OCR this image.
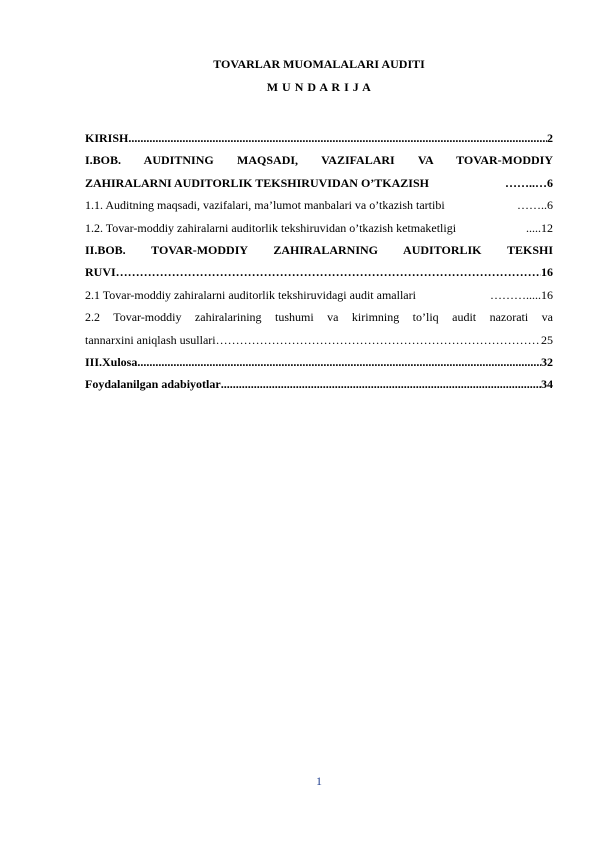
TOVARLAR MUOMALALARI AUDITI
M U N D A R I J A
KIRISH .....	2
I.BOB. AUDITNING MAQSADI, VAZIFALARI VA TOVAR-MODDIY
ZAHIRALARNI AUDITORLIK TEKSHIRUVIDAN O’TKAZISH	……..… 6
1.1. Auditning maqsadi, vazifalari, ma’lumot manbalari va o’tkazish tartibi	…….. 6
1.2. Tovar-moddiy zahiralarni auditorlik tekshiruvidan o’tkazish ketmaketligi	..... 12
II.BOB. TOVAR-MODDIY ZAHIRALARNING AUDITORLIK TEKSHI
RUVI ……………………………………………………………………………………………………………………………………………………………………………………	16
2.1 Tovar-moddiy zahiralarni auditorlik tekshiruvidagi audit amallari	………..... 16
2.2 Tovar-moddiy zahiralarining tushumi va kirimning to’liq audit nazorati va
tannarxini aniqlash usullari ……………………………………………………………………………………………………………………………………………………………………………………	25
III.Xulosa .....	32
Foydalanilgan adabiyotlar .....	34
1
